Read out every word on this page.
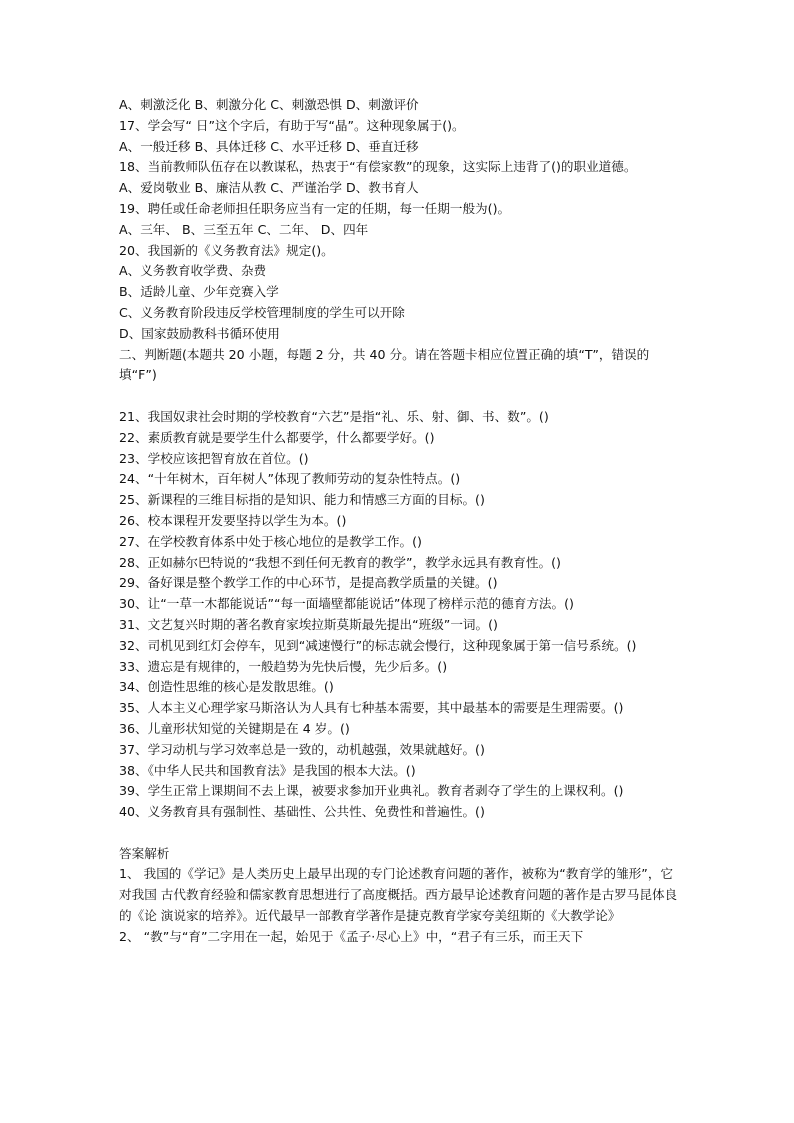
A、刺激泛化 B、刺激分化 C、刺激恐惧 D、刺激评价
17、学会写“ 日”这个字后，有助于写“晶”。这种现象属于()。
A、一般迁移 B、具体迁移 C、水平迁移 D、垂直迁移
18、当前教师队伍存在以教谋私，热衷于“有偿家教”的现象，这实际上违背了()的职业道德。
A、爱岗敬业 B、廉洁从教 C、严谨治学 D、教书育人
19、聘任或任命老师担任职务应当有一定的任期，每一任期一般为()。
A、三年、 B、三至五年 C、二年、 D、四年
20、我国新的《义务教育法》规定()。
A、义务教育收学费、杂费
B、适龄儿童、少年竞赛入学
C、义务教育阶段违反学校管理制度的学生可以开除
D、国家鼓励教科书循环使用
二、判断题(本题共 20 小题，每题 2 分，共 40 分。请在答题卡相应位置正确的填“T”，错误的填“F”)
21、我国奴隶社会时期的学校教育“六艺”是指“礼、乐、射、御、书、数”。()
22、素质教育就是要学生什么都要学，什么都要学好。()
23、学校应该把智育放在首位。()
24、“十年树木，百年树人”体现了教师劳动的复杂性特点。()
25、新课程的三维目标指的是知识、能力和情感三方面的目标。()
26、校本课程开发要坚持以学生为本。()
27、在学校教育体系中处于核心地位的是教学工作。()
28、正如赫尔巴特说的“我想不到任何无教育的教学”，教学永远具有教育性。()
29、备好课是整个教学工作的中心环节，是提高教学质量的关键。()
30、让“一草一木都能说话”“每一面墙壁都能说话”体现了榜样示范的德育方法。()
31、文艺复兴时期的著名教育家埃拉斯莫斯最先提出“班级”一词。()
32、司机见到红灯会停车，见到“减速慢行”的标志就会慢行，这种现象属于第一信号系统。()
33、遗忘是有规律的，一般趋势为先快后慢，先少后多。()
34、创造性思维的核心是发散思维。()
35、人本主义心理学家马斯洛认为人具有七种基本需要，其中最基本的需要是生理需要。()
36、儿童形状知觉的关键期是在 4 岁。()
37、学习动机与学习效率总是一致的，动机越强，效果就越好。()
38、《中华人民共和国教育法》是我国的根本大法。()
39、学生正常上课期间不去上课，被要求参加开业典礼。教育者剥夺了学生的上课权利。()
40、义务教育具有强制性、基础性、公共性、免费性和普遍性。()
答案解析
1、 我国的《学记》是人类历史上最早出现的专门论述教育问题的著作，被称为“教育学的雏形”，它对我国 古代教育经验和儒家教育思想进行了高度概括。西方最早论述教育问题的著作是古罗马昆体良的《论 演说家的培养》。近代最早一部教育学著作是捷克教育学家夸美纽斯的《大教学论》
2、 “教”与“育”二字用在一起，始见于《孟子·尽心上》中，“君子有三乐，而王天下
